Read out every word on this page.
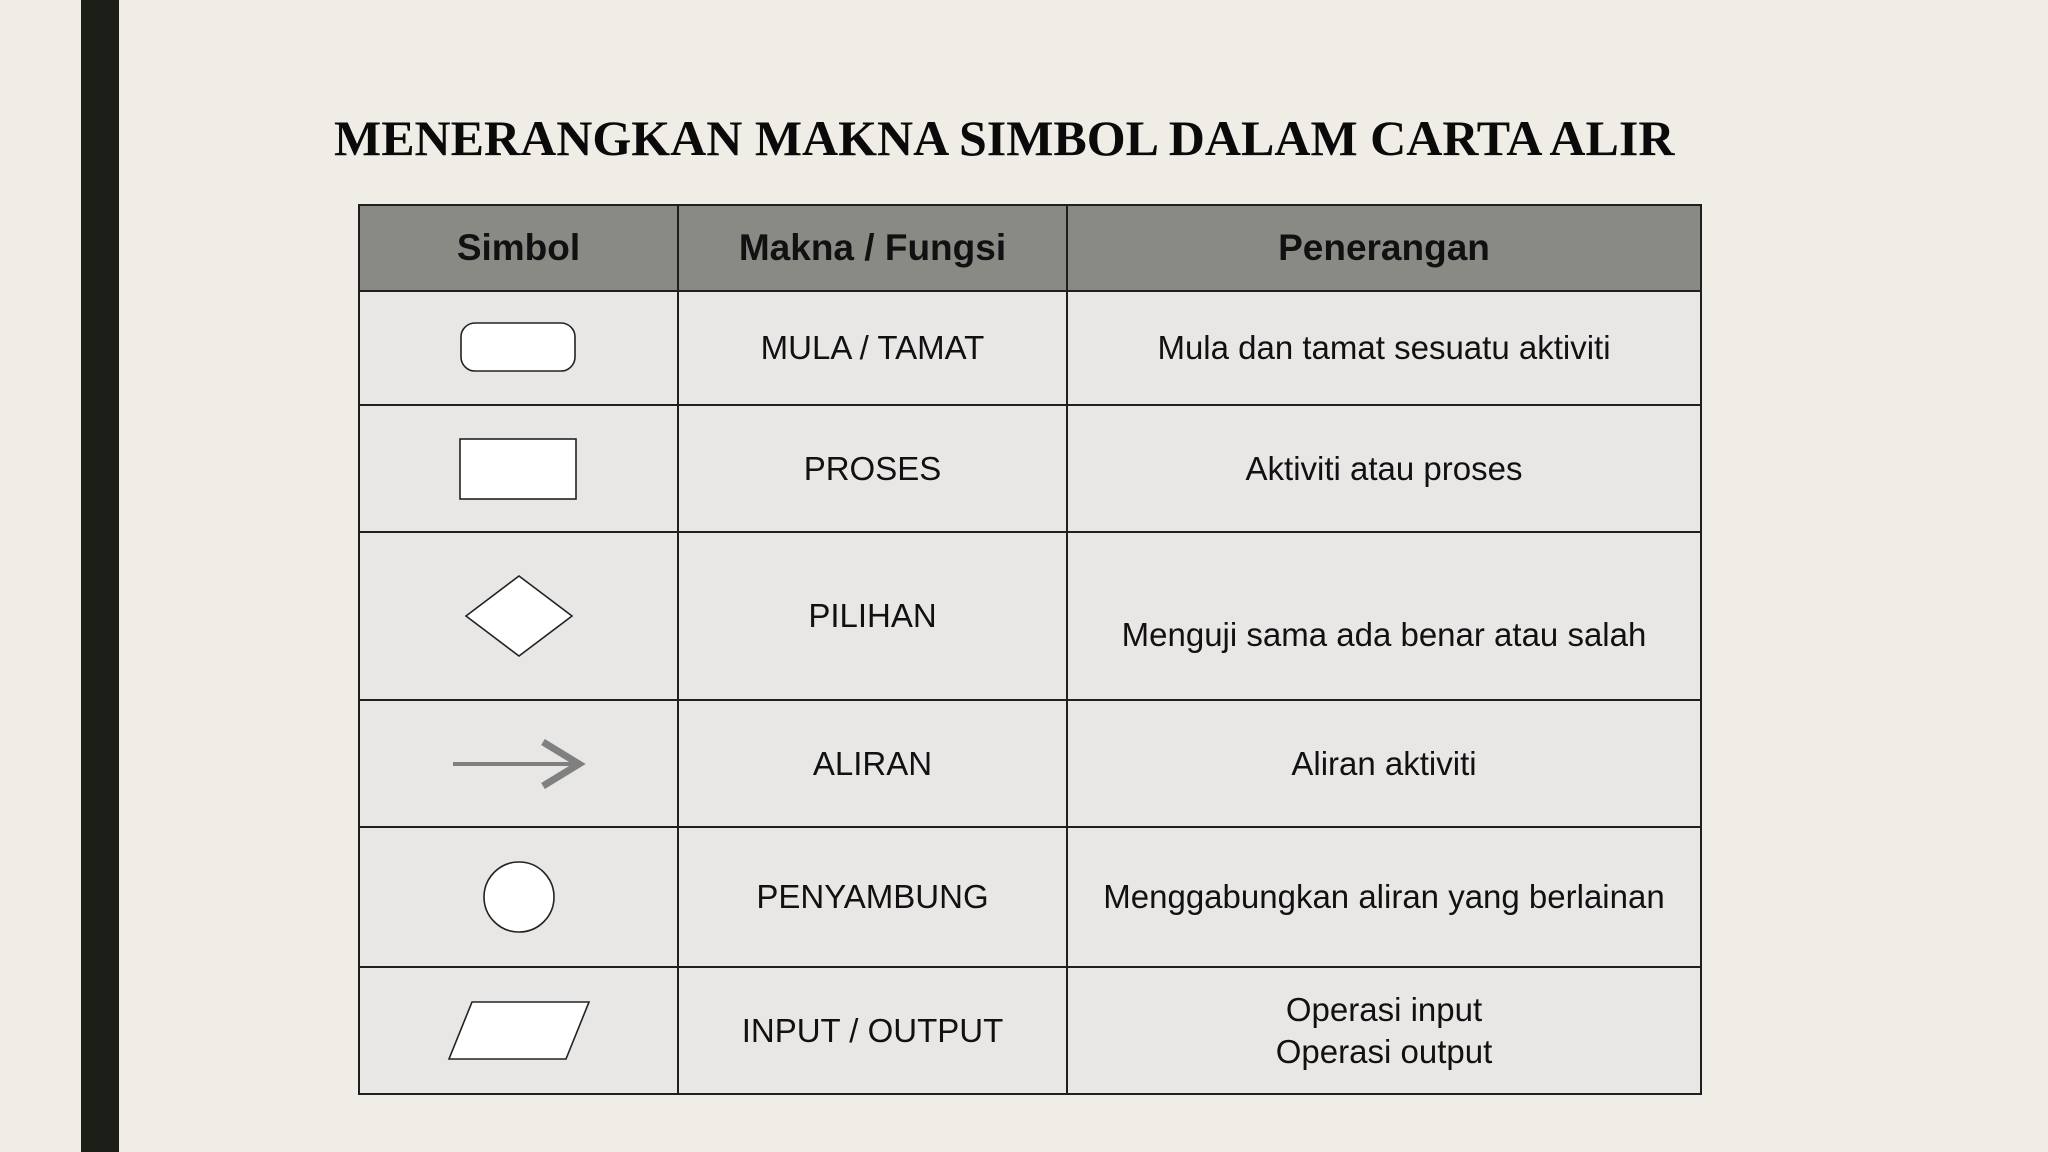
MENERANGKAN MAKNA SIMBOL DALAM CARTA ALIR
Simbol	Makna / Fungsi	Penerangan

	MULA / TAMAT	Mula dan tamat sesuatu aktiviti

	PROSES	Aktiviti atau proses

	PILIHAN	Menguji sama ada benar atau salah

	ALIRAN	Aliran aktiviti

	PENYAMBUNG	Menggabungkan aliran yang berlainan

	INPUT / OUTPUT	Operasi input
Operasi output
